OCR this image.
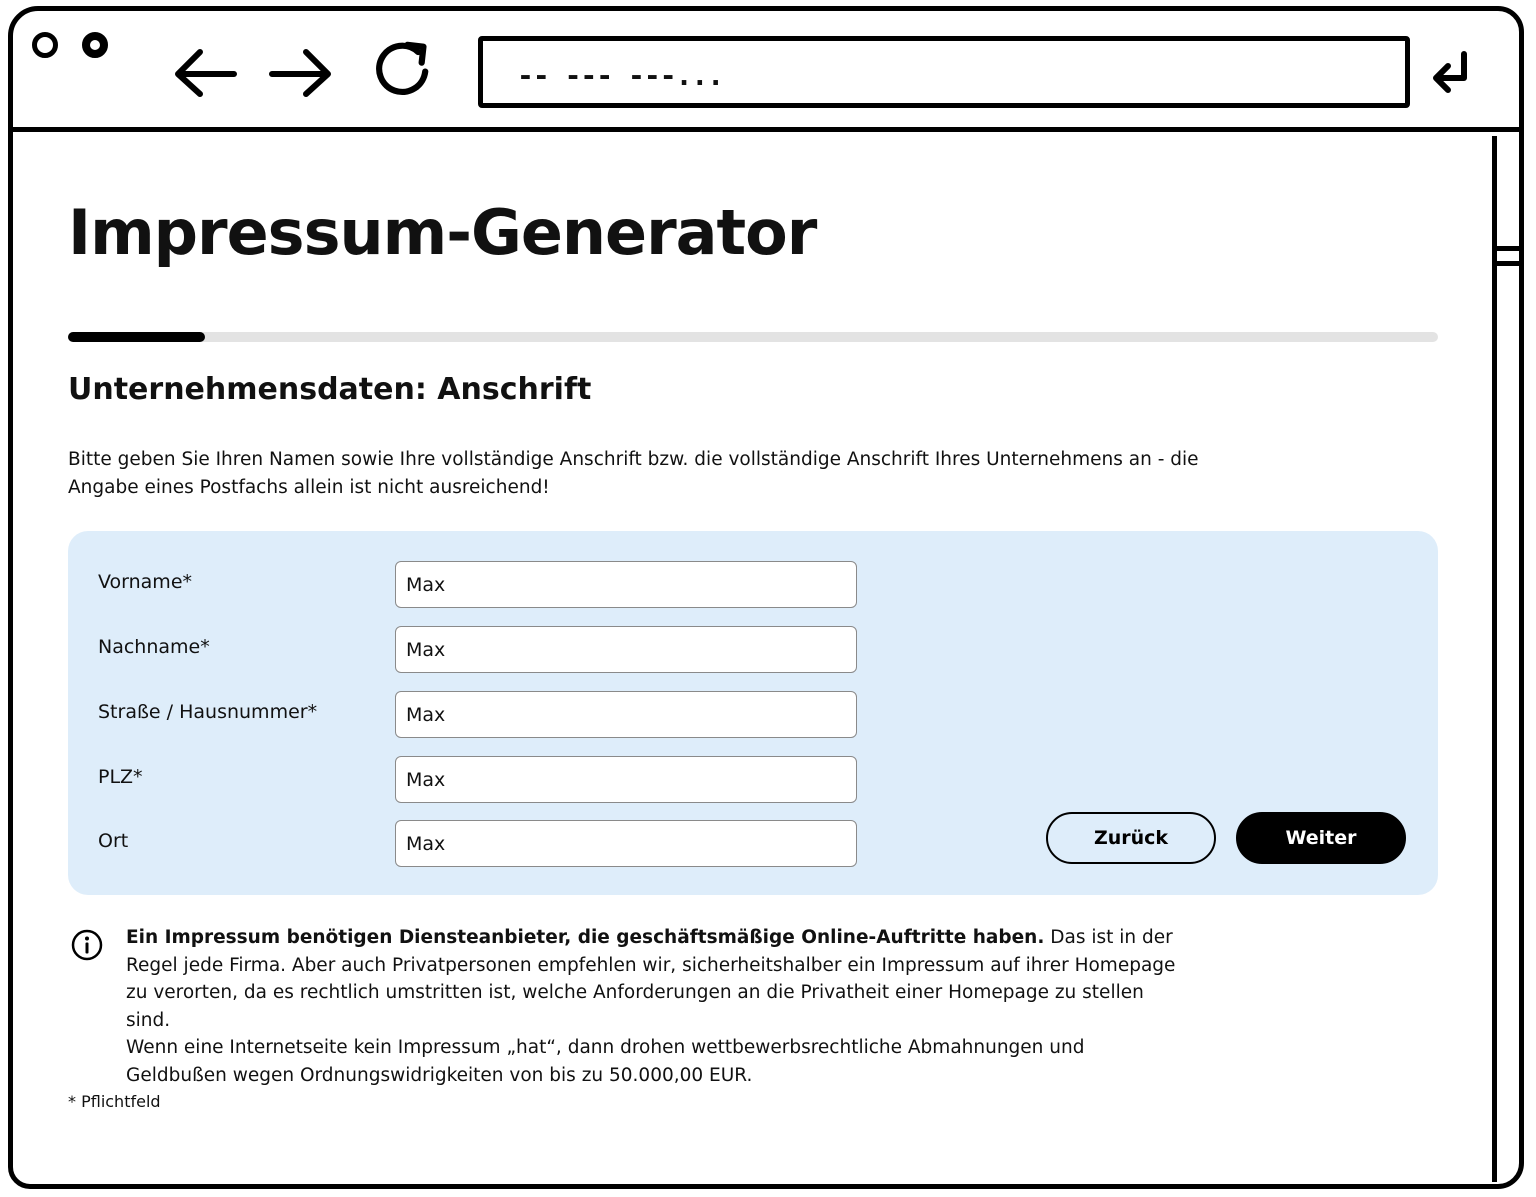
-- --- ---...
Impressum-Generator
Unternehmensdaten: Anschrift

Bitte geben Sie Ihren Namen sowie Ihre vollständige Anschrift bzw. die vollständige Anschrift Ihres Unternehmens an - die Angabe eines Postfachs allein ist nicht ausreichend!

Vorname*
Max
Nachname*
Max
Straße / Hausnummer*
Max
PLZ*
Max
Ort
Max	Zurück	Weiter

Ein Impressum benötigen Diensteanbieter, die geschäftsmäßige Online-Auftritte haben. Das ist in der Regel jede Firma. Aber auch Privatpersonen empfehlen wir, sicherheitshalber ein Impressum auf ihrer Homepage zu verorten, da es rechtlich umstritten ist, welche Anforderungen an die Privatheit einer Homepage zu stellen sind.
Wenn eine Internetseite kein Impressum „hat“, dann drohen wettbewerbsrechtliche Abmahnungen und Geldbußen wegen Ordnungswidrigkeiten von bis zu 50.000,00 EUR.

* Pflichtfeld
